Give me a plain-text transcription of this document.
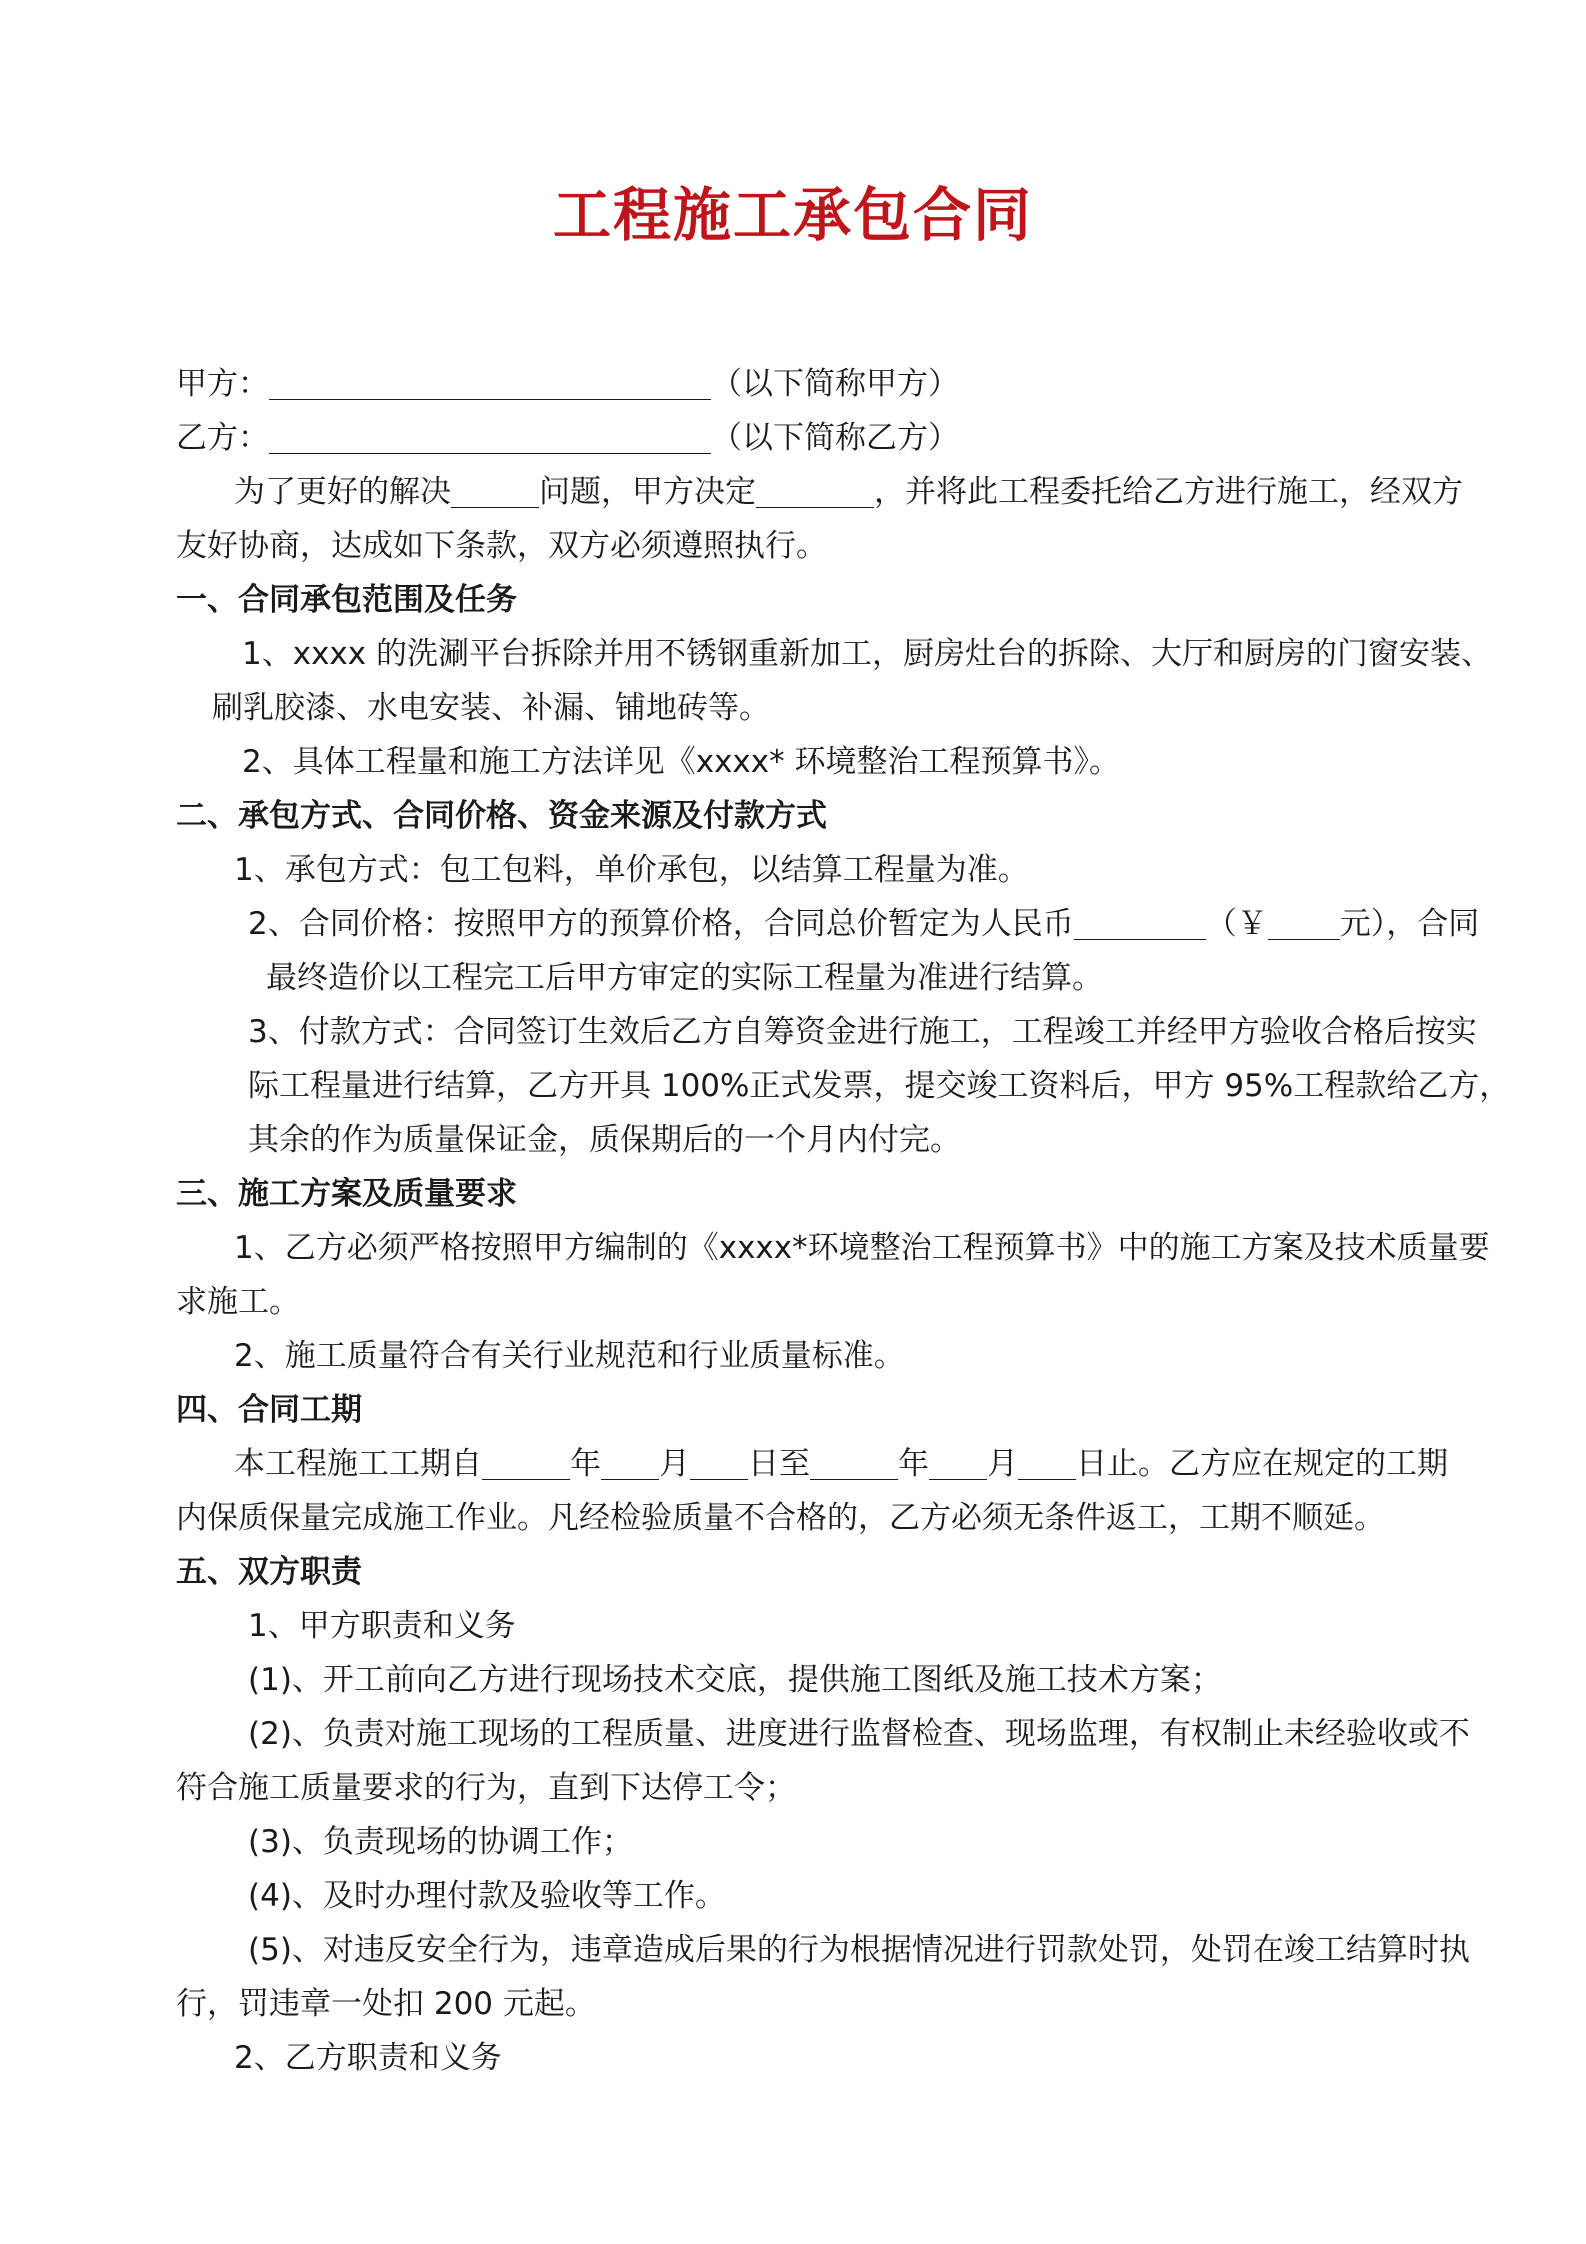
工程施工承包合同

甲方：	（以下简称甲方）

乙方：	（以下简称乙方）

为了更好的解决	问题，甲方决定	，并将此工程委托给乙方进行施工，经双方

友好协商，达成如下条款，双方必须遵照执行。

一、合同承包范围及任务

1、xxxx 的洗涮平台拆除并用不锈钢重新加工，厨房灶台的拆除、大厅和厨房的门窗安装、

刷乳胶漆、水电安装、补漏、铺地砖等。

2、具体工程量和施工方法详见《xxxx* 环境整治工程预算书》。

二、承包方式、合同价格、资金来源及付款方式

1、承包方式：包工包料，单价承包，以结算工程量为准。

2、合同价格：按照甲方的预算价格，合同总价暂定为人民币	（￥ 元），合同

最终造价以工程完工后甲方审定的实际工程量为准进行结算。

3、付款方式：合同签订生效后乙方自筹资金进行施工，工程竣工并经甲方验收合格后按实

际工程量进行结算，乙方开具 100%正式发票，提交竣工资料后，甲方 95%工程款给乙方，

其余的作为质量保证金，质保期后的一个月内付完。

三、施工方案及质量要求

1、乙方必须严格按照甲方编制的《xxxx*环境整治工程预算书》中的施工方案及技术质量要

求施工。

2、施工质量符合有关行业规范和行业质量标准。

四、合同工期

本工程施工工期自	年 月 日至	年 月 日止。乙方应在规定的工期

内保质保量完成施工作业。凡经检验质量不合格的，乙方必须无条件返工，工期不顺延。

五、双方职责

1、甲方职责和义务

(1)、开工前向乙方进行现场技术交底，提供施工图纸及施工技术方案；

(2)、负责对施工现场的工程质量、进度进行监督检查、现场监理，有权制止未经验收或不

符合施工质量要求的行为，直到下达停工令；

(3)、负责现场的协调工作；

(4)、及时办理付款及验收等工作。

(5)、对违反安全行为，违章造成后果的行为根据情况进行罚款处罚，处罚在竣工结算时执

行，罚违章一处扣 200 元起。

2、乙方职责和义务
